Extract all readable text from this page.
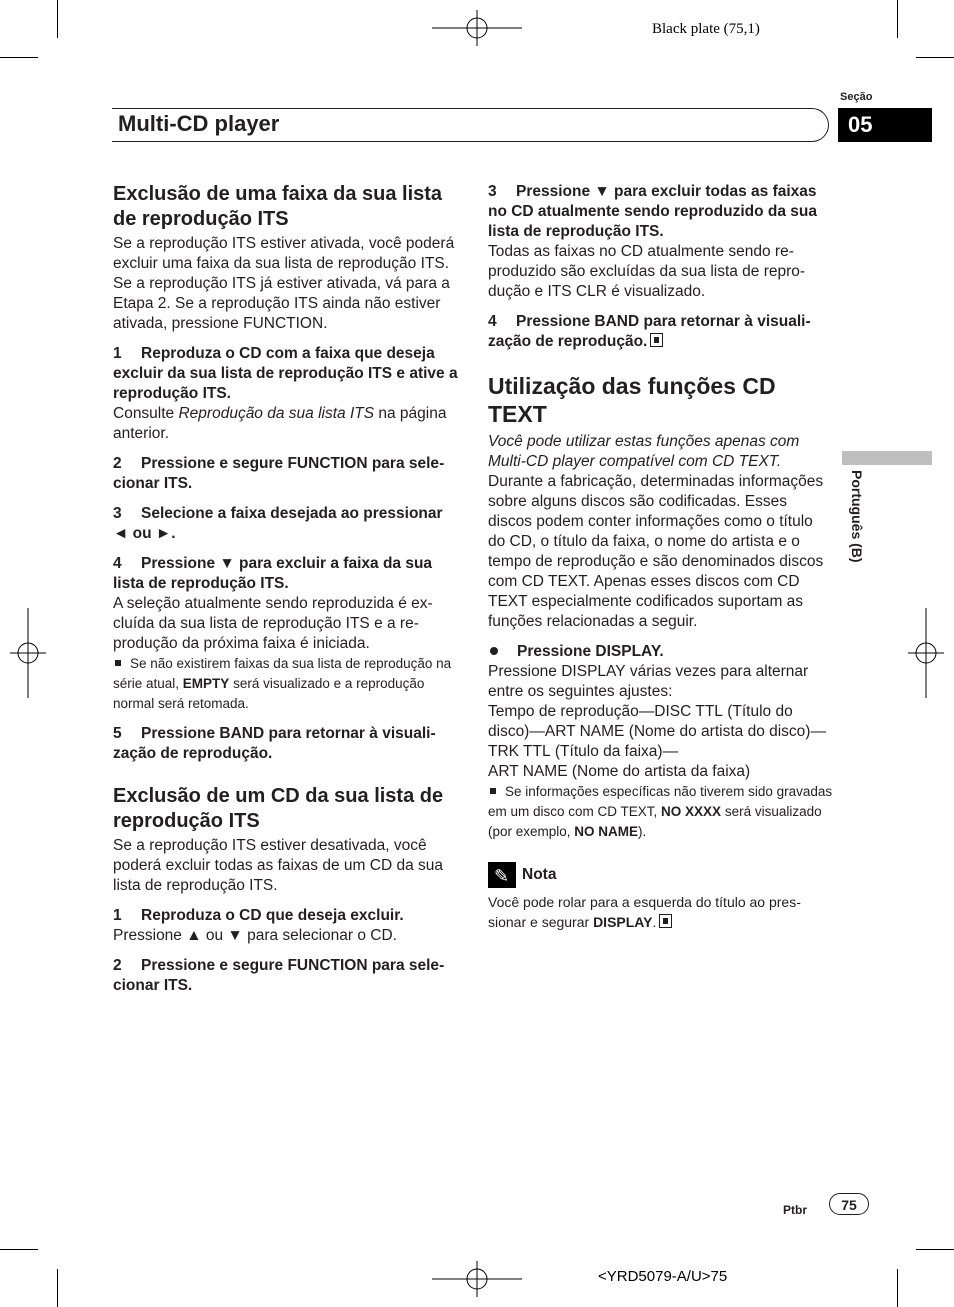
Black plate (75,1)
Seção
05
Multi-CD player
Português (B)
Exclusão de uma faixa da sua lista de reprodução ITS

Se a reprodução ITS estiver ativada, você poderá excluir uma faixa da sua lista de reprodução ITS.

Se a reprodução ITS já estiver ativada, vá para a Etapa 2. Se a reprodução ITS ainda não estiver ativada, pressione FUNCTION.

1 Reproduza o CD com a faixa que deseja excluir da sua lista de reprodução ITS e ative a reprodução ITS.

Consulte Reprodução da sua lista ITS na página anterior.

2 Pressione e segure FUNCTION para selecionar ITS.

3 Selecione a faixa desejada ao pressionar ◄ ou ►.

4 Pressione ▼ para excluir a faixa da sua lista de reprodução ITS.

A seleção atualmente sendo reproduzida é excluída da sua lista de reprodução ITS e a reprodução da próxima faixa é iniciada.

Se não existirem faixas da sua lista de reprodução na série atual, EMPTY será visualizado e a reprodução normal será retomada.

5 Pressione BAND para retornar à visualização de reprodução.

Exclusão de um CD da sua lista de reprodução ITS

Se a reprodução ITS estiver desativada, você poderá excluir todas as faixas de um CD da sua lista de reprodução ITS.

1 Reproduza o CD que deseja excluir.

Pressione ▲ ou ▼ para selecionar o CD.

2 Pressione e segure FUNCTION para selecionar ITS.

3 Pressione ▼ para excluir todas as faixas no CD atualmente sendo reproduzido da sua lista de reprodução ITS.

Todas as faixas no CD atualmente sendo reproduzido são excluídas da sua lista de reprodução e ITS CLR é visualizado.

4 Pressione BAND para retornar à visualização de reprodução.

Utilização das funções CD TEXT

Você pode utilizar estas funções apenas com Multi-CD player compatível com CD TEXT.

Durante a fabricação, determinadas informações sobre alguns discos são codificadas. Esses discos podem conter informações como o título do CD, o título da faixa, o nome do artista e o tempo de reprodução e são denominados discos com CD TEXT. Apenas esses discos com CD TEXT especialmente codificados suportam as funções relacionadas a seguir.

Pressione DISPLAY.

Pressione DISPLAY várias vezes para alternar entre os seguintes ajustes:

Tempo de reprodução—DISC TTL (Título do disco)—ART NAME (Nome do artista do disco)—TRK TTL (Título da faixa)—

ART NAME (Nome do artista da faixa)

Se informações específicas não tiverem sido gravadas em um disco com CD TEXT, NO XXXX será visualizado (por exemplo, NO NAME).

✎Nota

Você pode rolar para a esquerda do título ao pressionar e segurar DISPLAY.

Ptbr	75
<YRD5079-A/U>75
